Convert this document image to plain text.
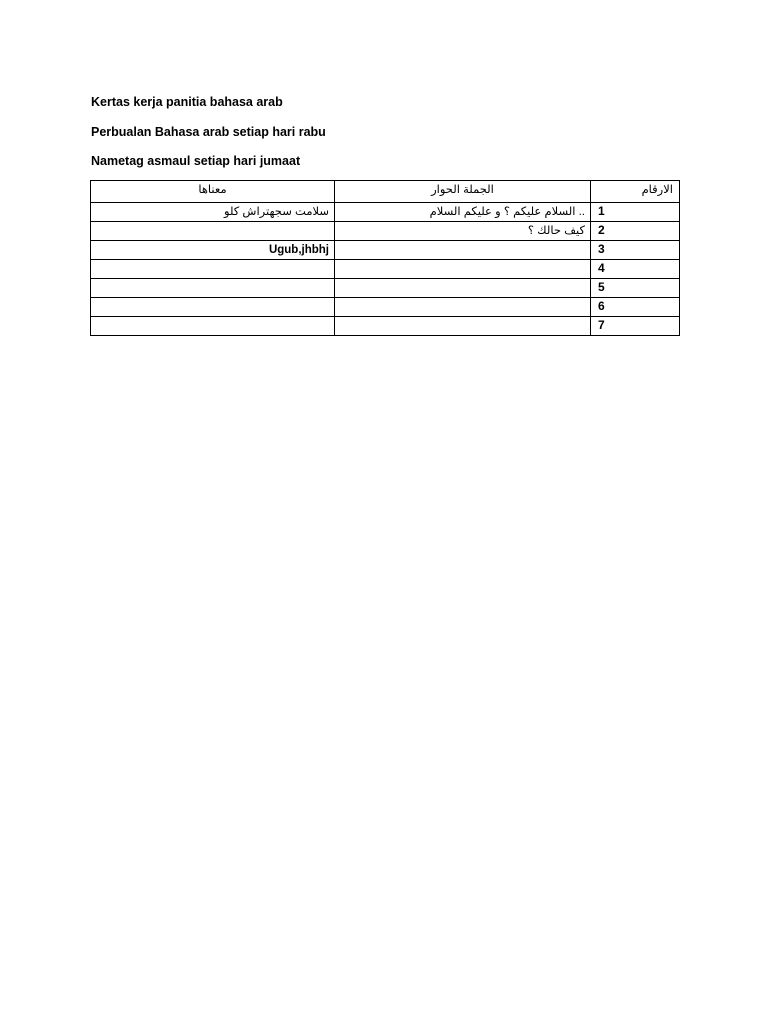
Kertas kerja panitia bahasa arab
Perbualan Bahasa arab setiap hari rabu
Nametag asmaul setiap hari jumaat
معناها	الجملة الحوار	الارقام
سلامت سجهتراش كلو	.. السلام عليكم ؟ و عليكم السلام	1
	كيف حالك ؟	2
Ugub,jhbhj		3
		4
		5
		6
		7
